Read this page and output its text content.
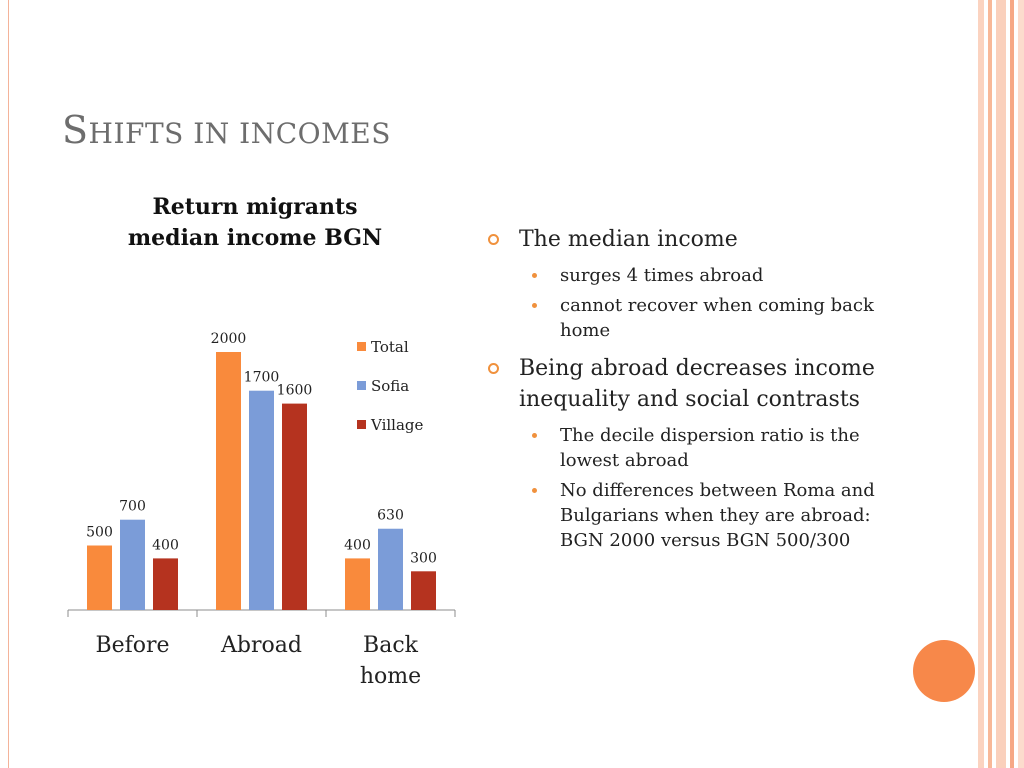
SHIFTS IN INCOMES
Return migrants
median income BGN
500
700
400
Before
2000
1700
1600
Abroad
400
630
300
Back
home
Total
Sofia
Village
The median income
surges 4 times abroad
cannot recover when coming back home
Being abroad decreases income inequality and social contrasts
The decile dispersion ratio is the lowest abroad
No differences between Roma and Bulgarians when they are abroad: BGN 2000 versus BGN 500/300
